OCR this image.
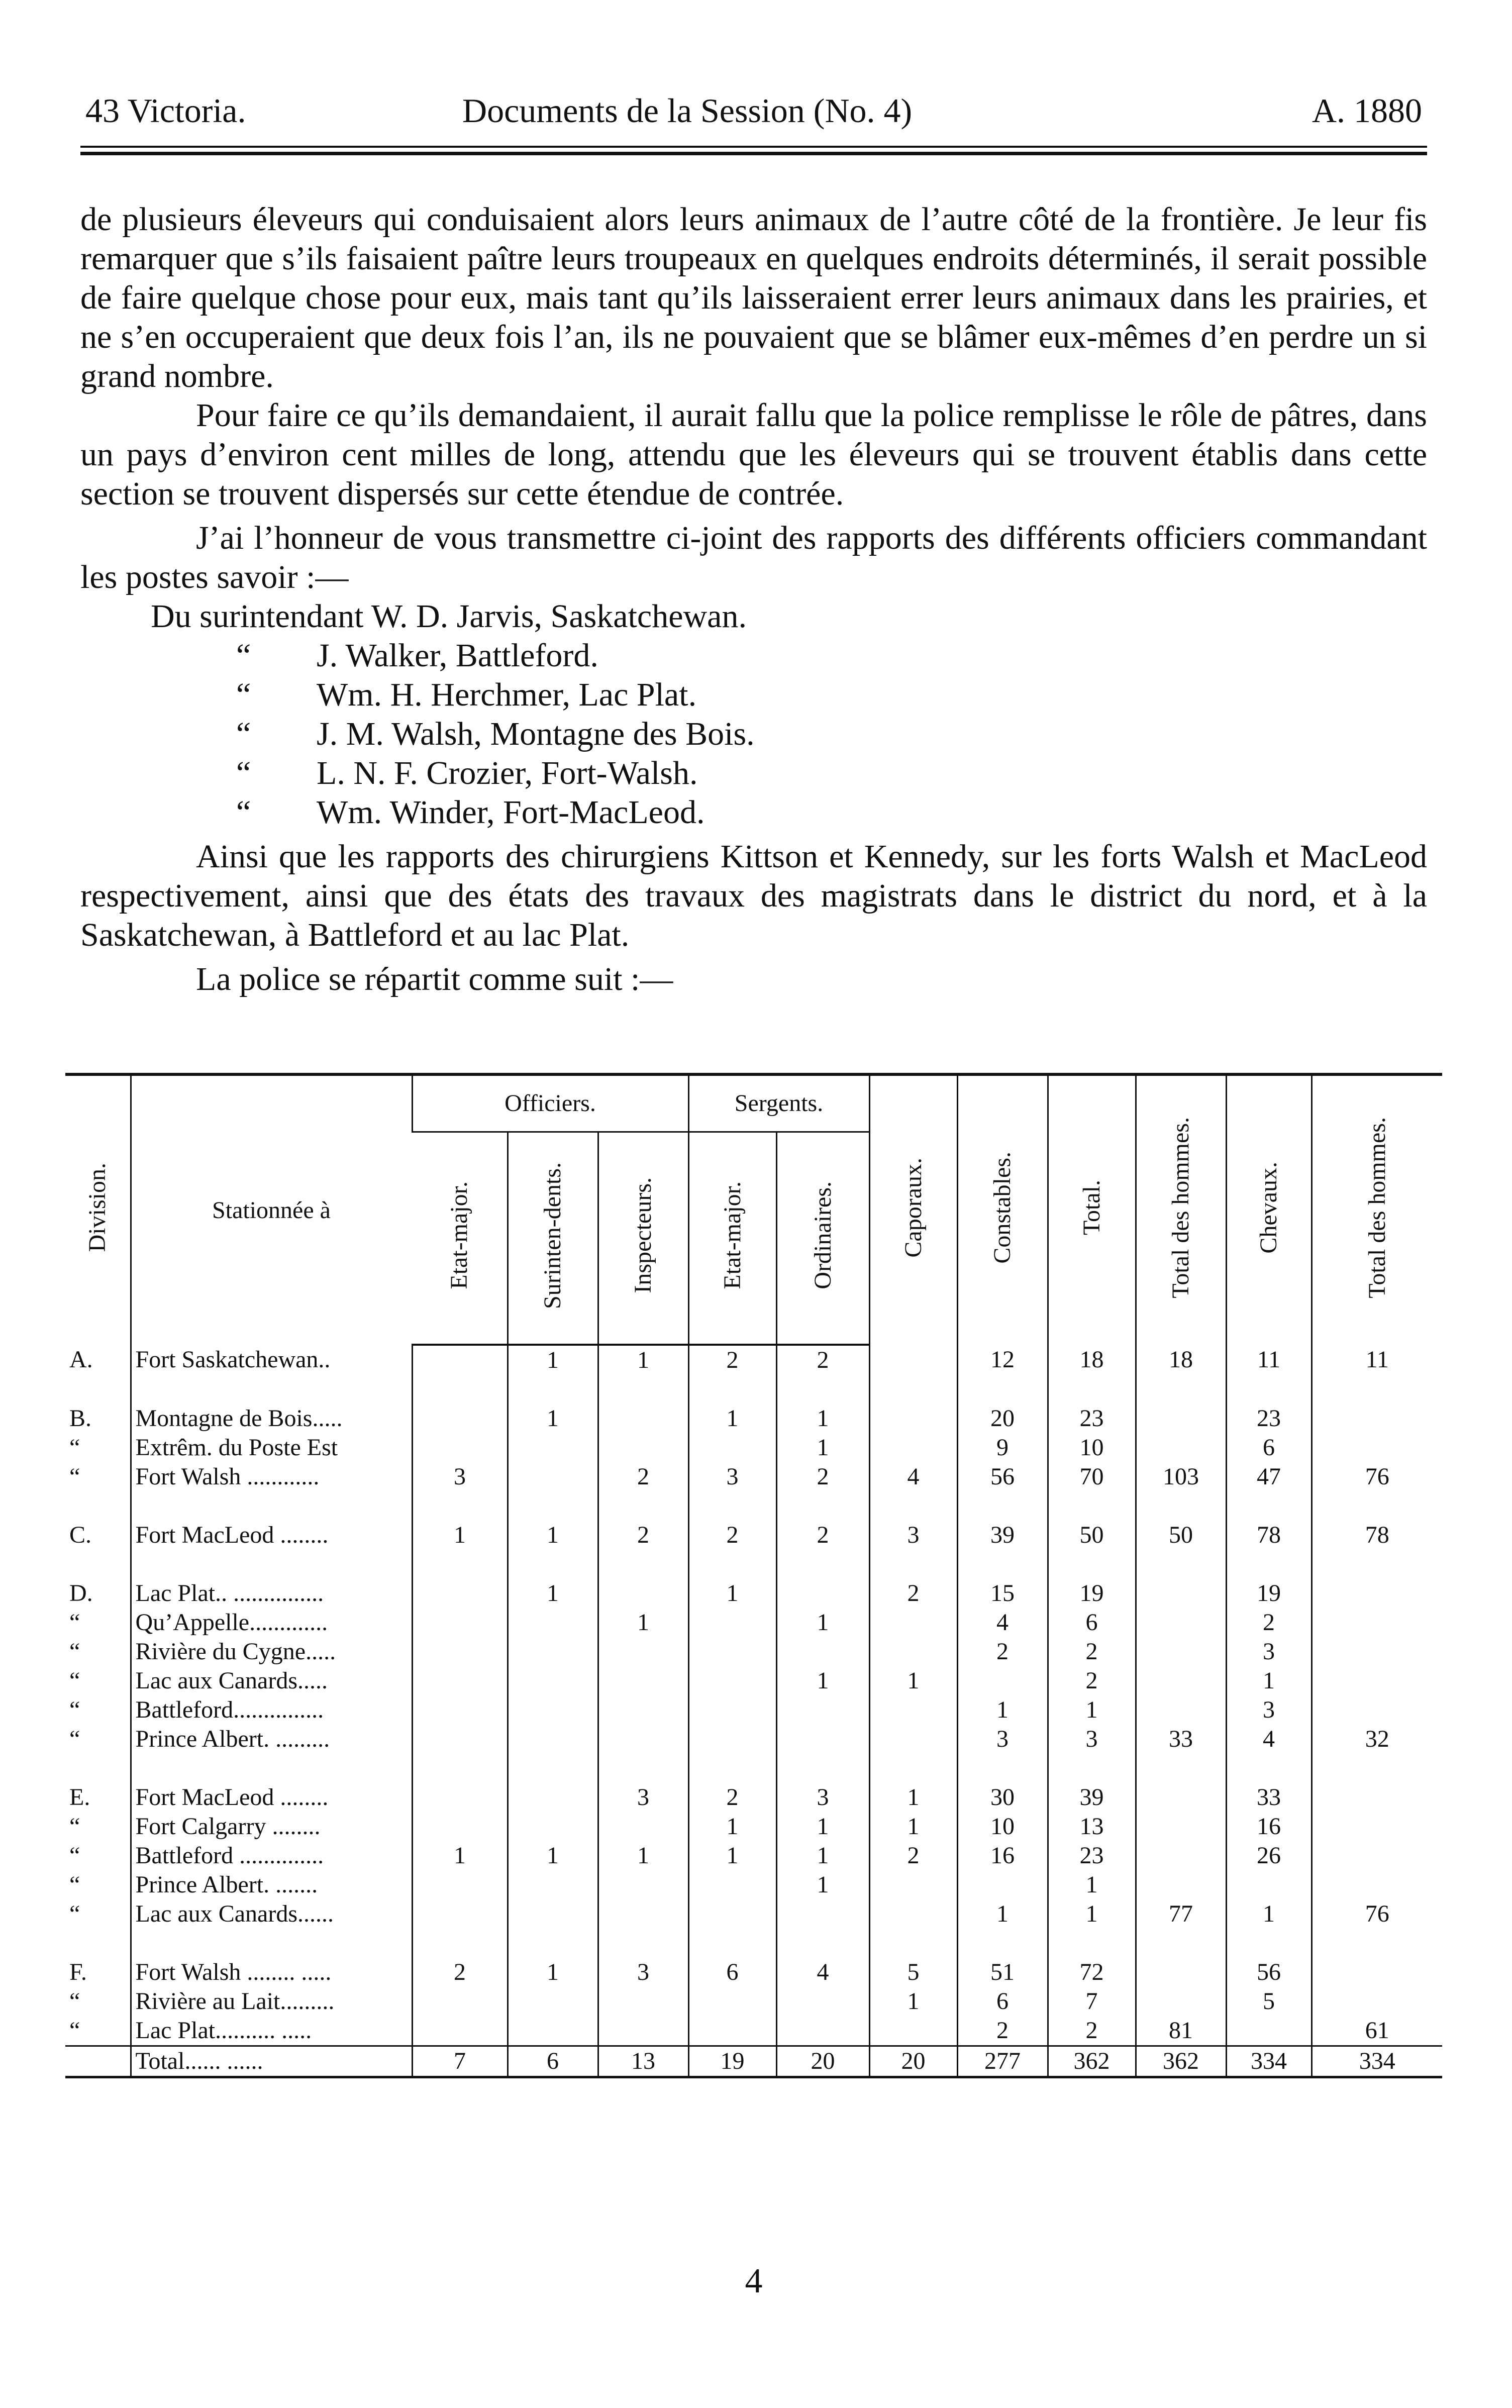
43 Victoria.	Documents de la Session (No. 4)	A. 1880

de plusieurs éleveurs qui conduisaient alors leurs animaux de l’autre côté de la frontière. Je leur fis remarquer que s’ils faisaient paître leurs troupeaux en quelques endroits déterminés, il serait possible de faire quelque chose pour eux, mais tant qu’ils laisseraient errer leurs animaux dans les prairies, et ne s’en occuperaient que deux fois l’an, ils ne pouvaient que se blâmer eux-mêmes d’en perdre un si grand nombre.

Pour faire ce qu’ils demandaient, il aurait fallu que la police remplisse le rôle de pâtres, dans un pays d’environ cent milles de long, attendu que les éleveurs qui se trouvent établis dans cette section se trouvent dispersés sur cette étendue de contrée.

J’ai l’honneur de vous transmettre ci-joint des rapports des différents officiers commandant les postes savoir :—

Du surintendant W. D. Jarvis, Saskatchewan.

“ J. Walker, Battleford.

“ Wm. H. Herchmer, Lac Plat.

“ J. M. Walsh, Montagne des Bois.

“ L. N. F. Crozier, Fort-Walsh.

“ Wm. Winder, Fort-MacLeod.

Ainsi que les rapports des chirurgiens Kittson et Kennedy, sur les forts Walsh et MacLeod respectivement, ainsi que des états des travaux des magistrats dans le district du nord, et à la Saskatchewan, à Battleford et au lac Plat.

La police se répartit comme suit :—

Division.	Stationnée à	Officiers.			Sergents.		Caporaux.	Constables.	Total.	Total des hommes.	Chevaux.	Total des hommes.
		Etat-major.	Surinten-dents.	Inspecteurs.	Etat-major.	Ordinaires.						
A.	Fort Saskatchewan..		1	1	2	2		12	18	18	11	11

B.	Montagne de Bois.....		1		1	1		20	23		23	
“	Extrêm. du Poste Est					1		9	10		6	
“	Fort Walsh ............	3		2	3	2	4	56	70	103	47	76

C.	Fort MacLeod ........	1	1	2	2	2	3	39	50	50	78	78

D.	Lac Plat.. ...............		1		1		2	15	19		19	
“	Qu’Appelle.............			1		1		4	6		2	
“	Rivière du Cygne.....							2	2		3	
“	Lac aux Canards.....					1	1		2		1	
“	Battleford...............							1	1		3	
“	Prince Albert. .........							3	3	33	4	32

E.	Fort MacLeod ........			3	2	3	1	30	39		33	
“	Fort Calgarry ........				1	1	1	10	13		16	
“	Battleford ..............	1	1	1	1	1	2	16	23		26	
“	Prince Albert. .......					1			1			
“	Lac aux Canards......							1	1	77	1	76

F.	Fort Walsh ........ .....	2	1	3	6	4	5	51	72		56	
“	Rivière au Lait.........						1	6	7		5	
“	Lac Plat.......... .....							2	2	81		61
	Total...... ......	7	6	13	19	20	20	277	362	362	334	334
4
